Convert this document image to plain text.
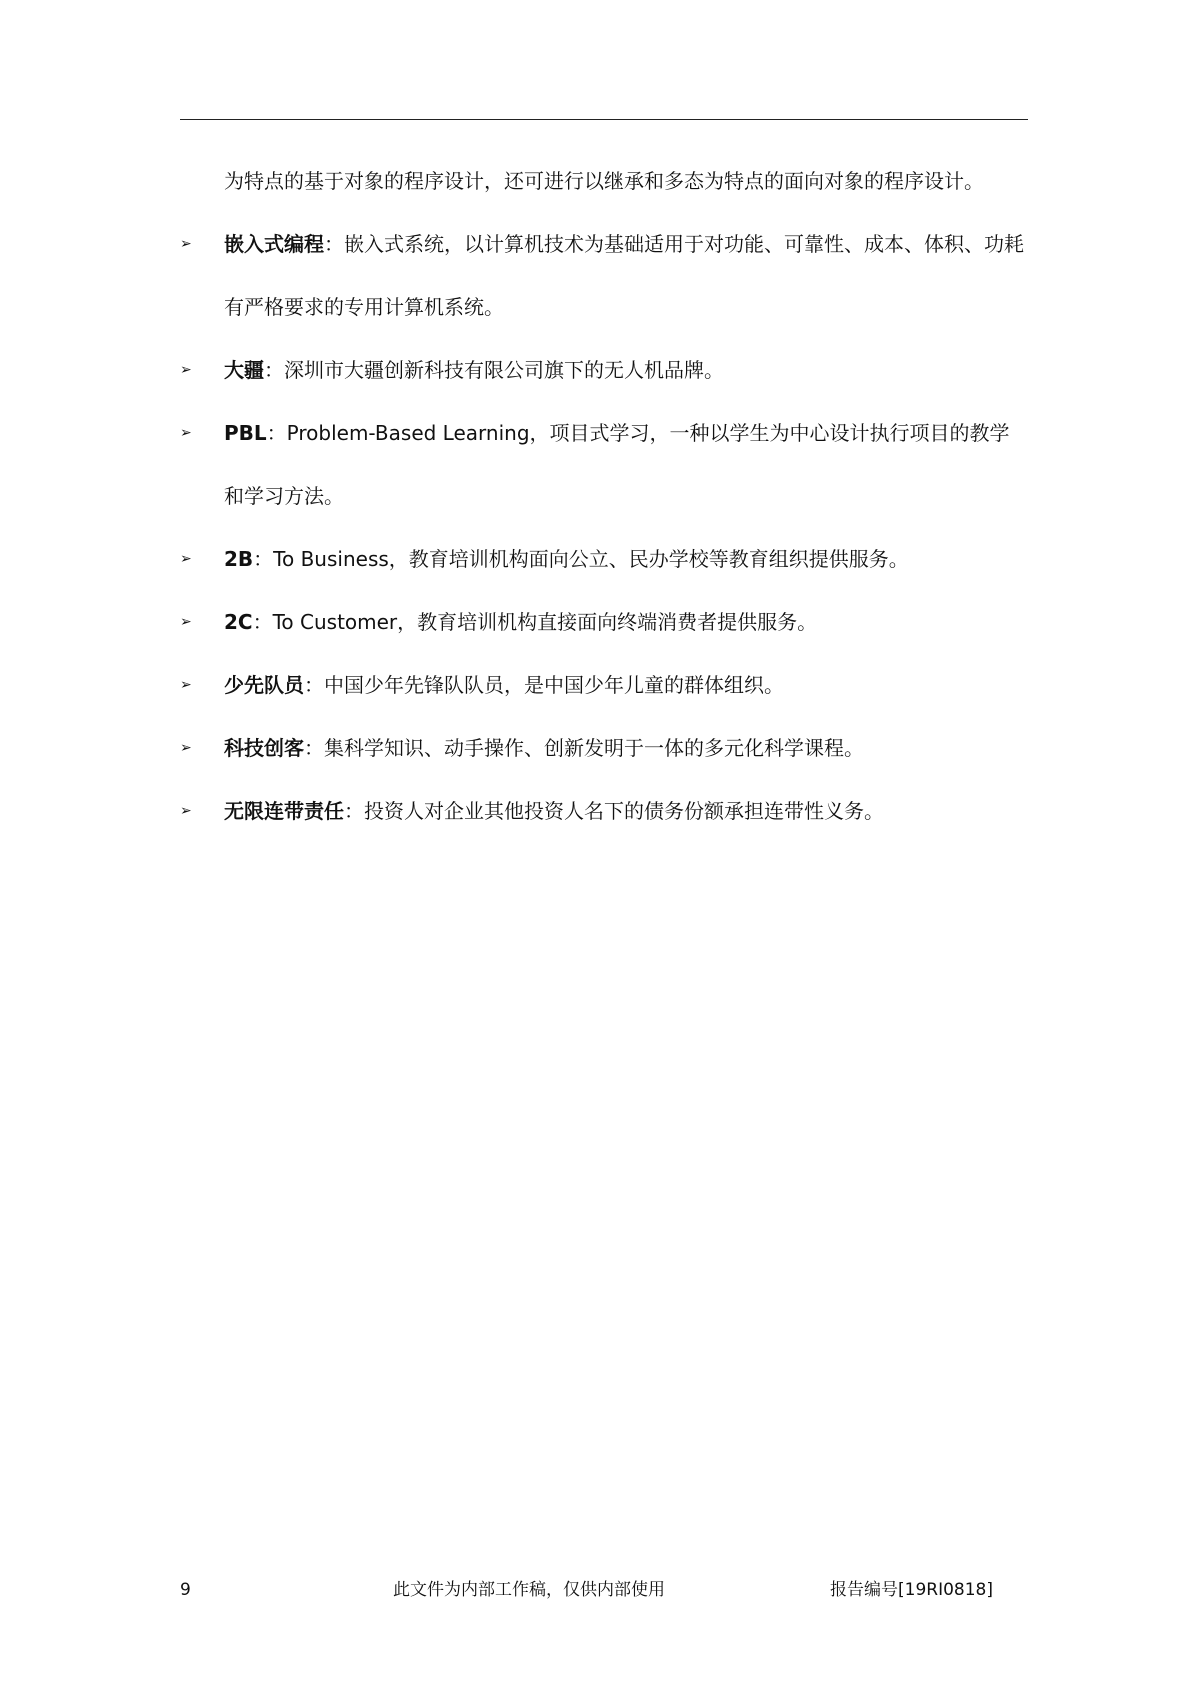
为特点的基于对象的程序设计，还可进行以继承和多态为特点的面向对象的程序设计。
➢	嵌入式编程：嵌入式系统，以计算机技术为基础适用于对功能、可靠性、成本、体积、功耗有严格要求的专用计算机系统。
➢	大疆：深圳市大疆创新科技有限公司旗下的无人机品牌。
➢	PBL：Problem-Based Learning，项目式学习，一种以学生为中心设计执行项目的教学和学习方法。
➢	2B：To Business，教育培训机构面向公立、民办学校等教育组织提供服务。
➢	2C：To Customer，教育培训机构直接面向终端消费者提供服务。
➢	少先队员：中国少年先锋队队员，是中国少年儿童的群体组织。
➢	科技创客：集科学知识、动手操作、创新发明于一体的多元化科学课程。
➢	无限连带责任：投资人对企业其他投资人名下的债务份额承担连带性义务。
9	此文件为内部工作稿，仅供内部使用	报告编号[19RI0818]
